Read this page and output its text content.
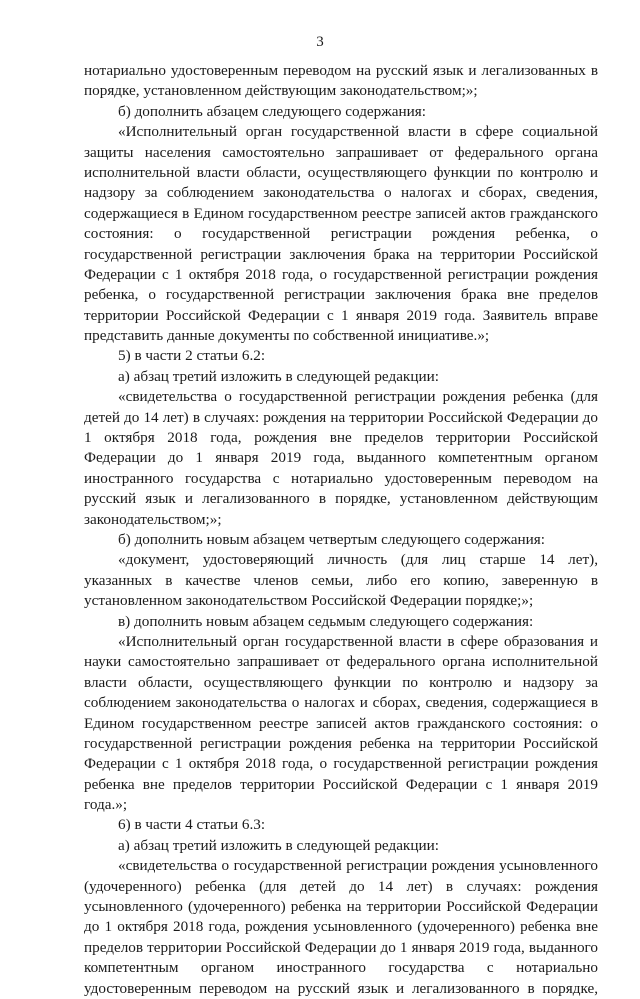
3
нотариально удостоверенным переводом на русский язык и легализованных в
порядке, установленном действующим законодательством;»;
б) дополнить абзацем следующего содержания:
«Исполнительный орган государственной власти в сфере социальной
защиты населения самостоятельно запрашивает от федерального органа
исполнительной власти области, осуществляющего функции по контролю и
надзору за соблюдением законодательства о налогах и сборах, сведения,
содержащиеся в Едином государственном реестре записей актов гражданского
состояния: о государственной регистрации рождения ребенка, о
государственной регистрации заключения брака на территории Российской
Федерации с 1 октября 2018 года, о государственной регистрации рождения
ребенка, о государственной регистрации заключения брака вне пределов
территории Российской Федерации с 1 января 2019 года. Заявитель вправе
представить данные документы по собственной инициативе.»;
5) в части 2 статьи 6.2:
а) абзац третий изложить в следующей редакции:
«свидетельства о государственной регистрации рождения ребенка (для
детей до 14 лет) в случаях: рождения на территории Российской Федерации до
1 октября 2018 года, рождения вне пределов территории Российской
Федерации до 1 января 2019 года, выданного компетентным органом
иностранного государства с нотариально удостоверенным переводом на
русский язык и легализованного в порядке, установленном действующим
законодательством;»;
б) дополнить новым абзацем четвертым следующего содержания:
«документ, удостоверяющий личность (для лиц старше 14 лет),
указанных в качестве членов семьи, либо его копию, заверенную в
установленном законодательством Российской Федерации порядке;»;
в) дополнить новым абзацем седьмым следующего содержания:
«Исполнительный орган государственной власти в сфере образования и
науки самостоятельно запрашивает от федерального органа исполнительной
власти области, осуществляющего функции по контролю и надзору за
соблюдением законодательства о налогах и сборах, сведения, содержащиеся в
Едином государственном реестре записей актов гражданского состояния: о
государственной регистрации рождения ребенка на территории Российской
Федерации с 1 октября 2018 года, о государственной регистрации рождения
ребенка вне пределов территории Российской Федерации с 1 января 2019
года.»;
6) в части 4 статьи 6.3:
а) абзац третий изложить в следующей редакции:
«свидетельства о государственной регистрации рождения усыновленного
(удочеренного) ребенка (для детей до 14 лет) в случаях: рождения
усыновленного (удочеренного) ребенка на территории Российской Федерации
до 1 октября 2018 года, рождения усыновленного (удочеренного) ребенка вне
пределов территории Российской Федерации до 1 января 2019 года, выданного
компетентным органом иностранного государства с нотариально
удостоверенным переводом на русский язык и легализованного в порядке,
